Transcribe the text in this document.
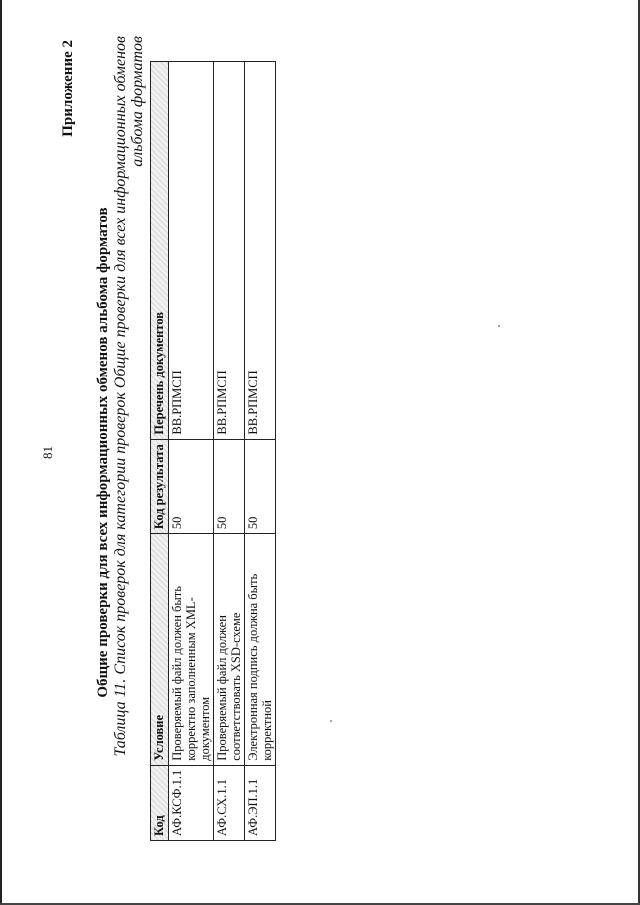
81
Приложение 2
Общие проверки для всех информационных обменов альбома форматов Таблица 11. Список проверок для категории проверок Общие проверки для всех информационных обменов альбома форматов
Код	Условие	Код результата	Перечень документов
АФ.КСФ.1.1	Проверяемый файл должен быть корректно заполненным XML-документом	50	ВВ.РПМСП
АФ.СХ.1.1	Проверяемый файл должен соответствовать XSD-схеме	50	ВВ.РПМСП
АФ.ЭП.1.1	Электронная подпись должна быть корректной	50	ВВ.РПМСП
